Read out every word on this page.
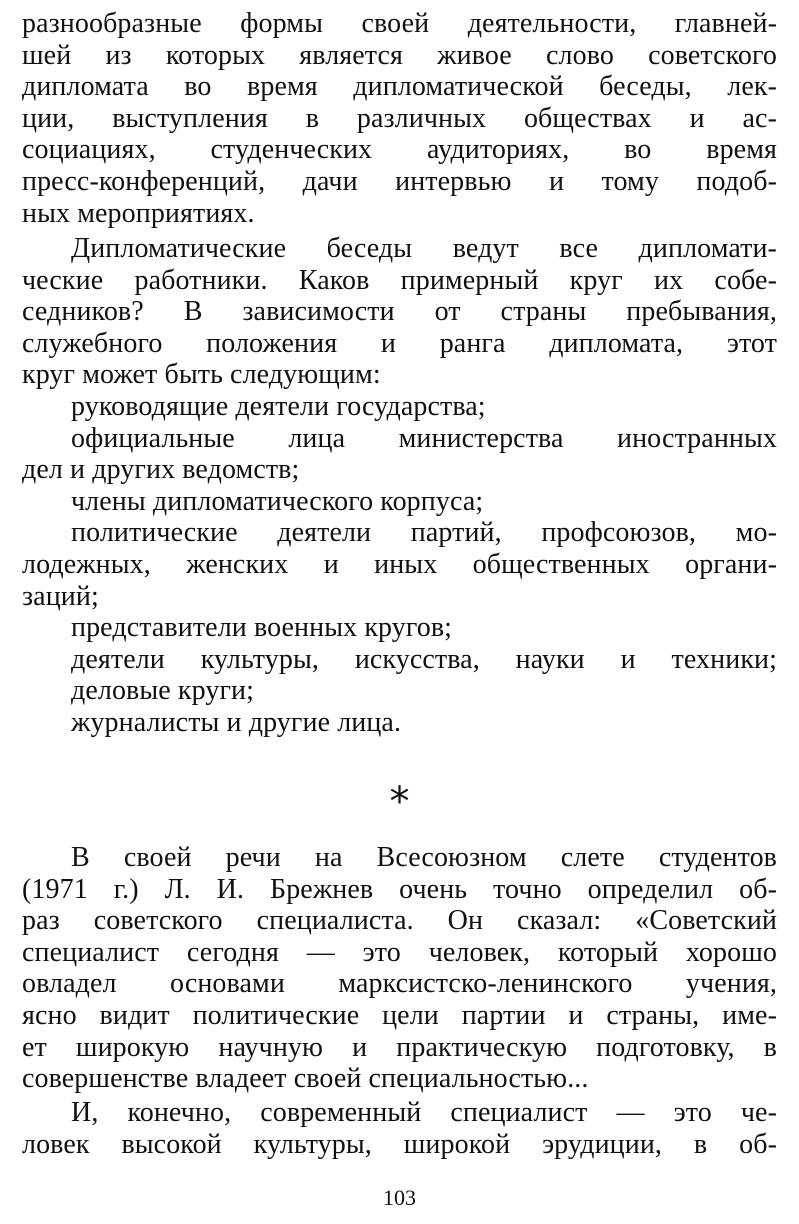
разнообразные формы своей деятельности, главней-
шей из которых является живое слово советского
дипломата во время дипломатической беседы, лек-
ции, выступления в различных обществах и ас-
социациях, студенческих аудиториях, во время
пресс-конференций, дачи интервью и тому подоб-
ных мероприятиях.
Дипломатические беседы ведут все дипломати-
ческие работники. Каков примерный круг их собе-
седников? В зависимости от страны пребывания,
служебного положения и ранга дипломата, этот
круг может быть следующим:
руководящие деятели государства;
официальные лица министерства иностранных
дел и других ведомств;
члены дипломатического корпуса;
политические деятели партий, профсоюзов, мо-
лодежных, женских и иных общественных органи-
заций;
представители военных кругов;
деятели культуры, искусства, науки и техники;
деловые круги;
журналисты и другие лица.
*
В своей речи на Всесоюзном слете студентов
(1971 г.) Л. И. Брежнев очень точно определил об-
раз советского специалиста. Он сказал: «Советский
специалист сегодня — это человек, который хорошо
овладел основами марксистско-ленинского учения,
ясно видит политические цели партии и страны, име-
ет широкую научную и практическую подготовку, в
совершенстве владеет своей специальностью...
И, конечно, современный специалист — это че-
ловек высокой культуры, широкой эрудиции, в об-
103
